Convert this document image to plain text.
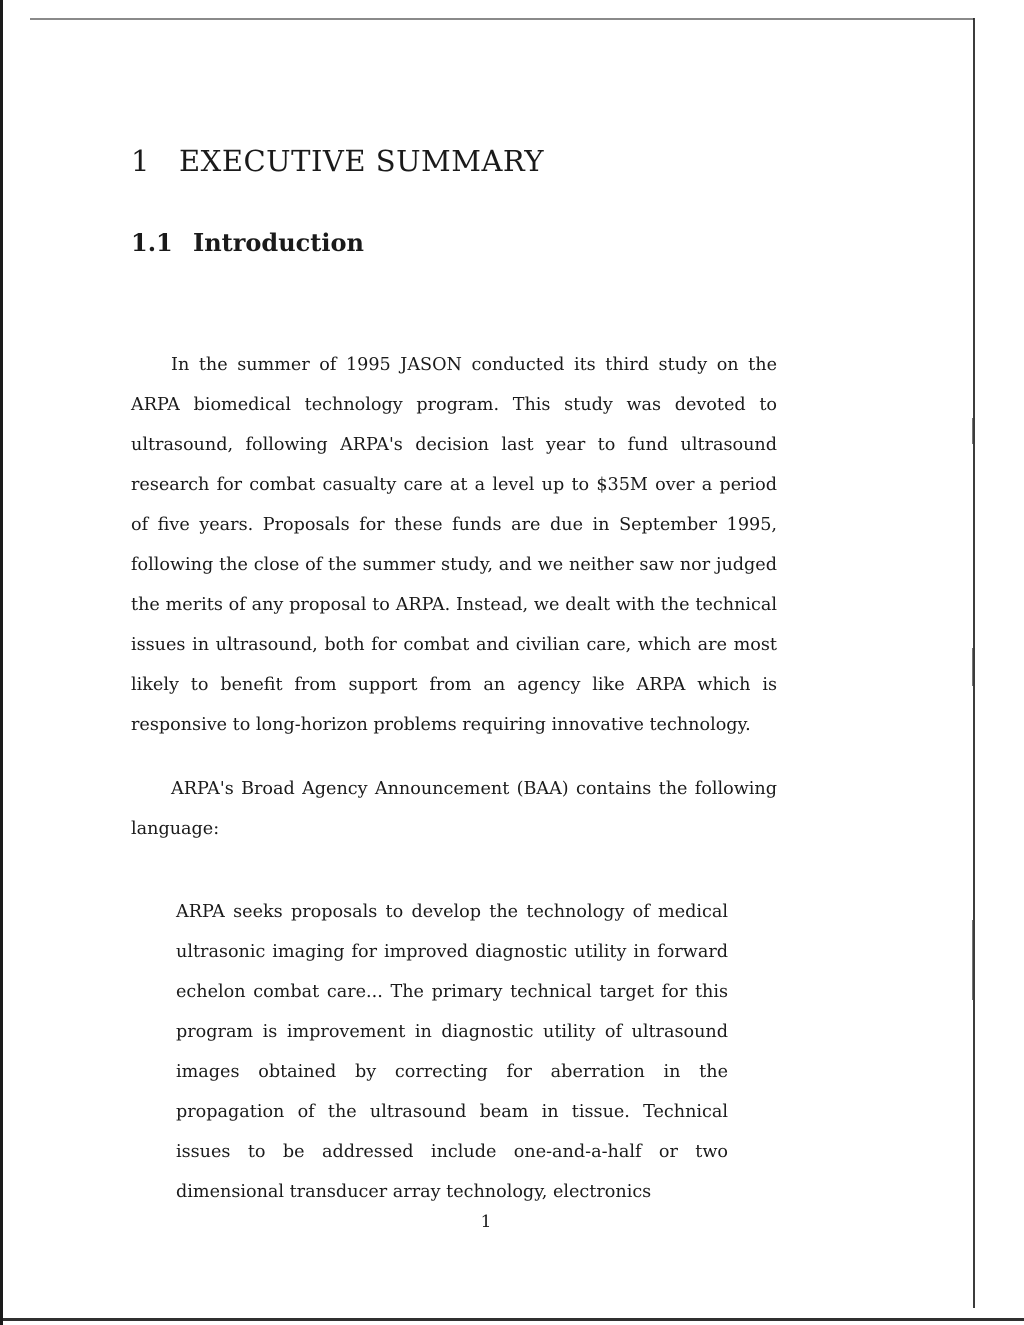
1 EXECUTIVE SUMMARY
1.1 Introduction

In the summer of 1995 JASON conducted its third study on the ARPA biomedical technology program. This study was devoted to ultrasound, following ARPA's decision last year to fund ultrasound research for combat casualty care at a level up to $35M over a period of five years. Proposals for these funds are due in September 1995, following the close of the summer study, and we neither saw nor judged the merits of any proposal to ARPA. Instead, we dealt with the technical issues in ultrasound, both for combat and civilian care, which are most likely to benefit from support from an agency like ARPA which is responsive to long-horizon problems requiring innovative technology.

ARPA's Broad Agency Announcement (BAA) contains the following language:

ARPA seeks proposals to develop the technology of medical ultrasonic imaging for improved diagnostic utility in forward echelon combat care... The primary technical target for this program is improvement in diagnostic utility of ultrasound images obtained by correcting for aberration in the propagation of the ultrasound beam in tissue. Technical issues to be addressed include one-and-a-half or two dimensional transducer array technology, electronics
1
